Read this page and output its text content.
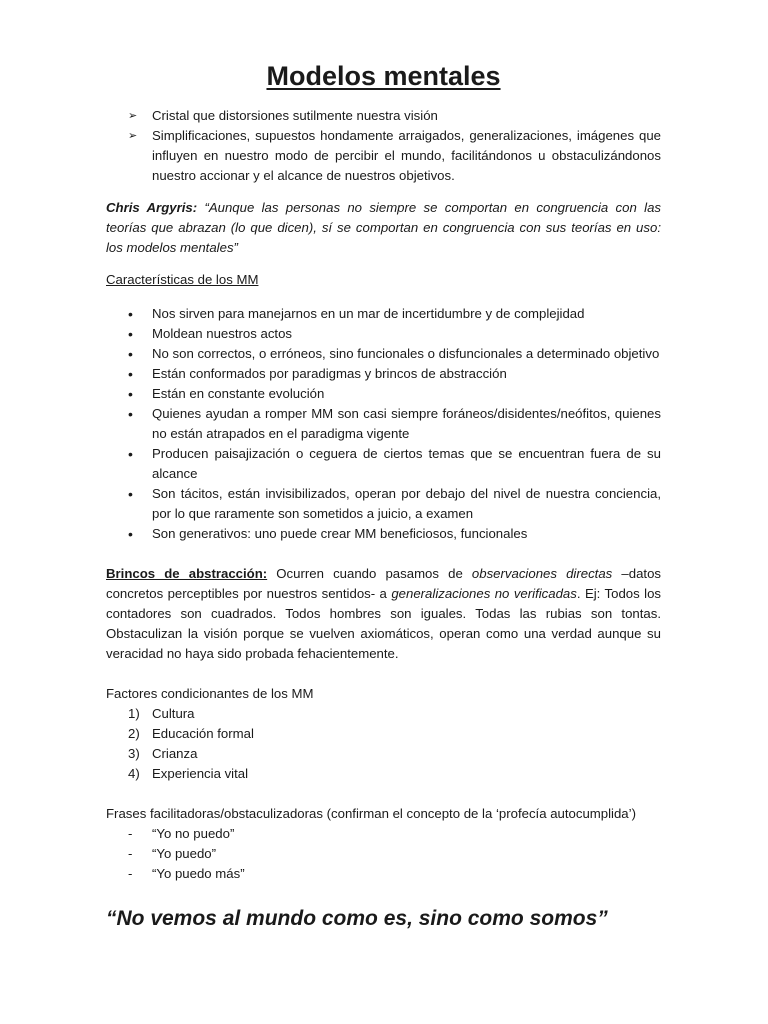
Modelos mentales
➢ Cristal que distorsiones sutilmente nuestra visión
➢ Simplificaciones, supuestos hondamente arraigados, generalizaciones, imágenes que influyen en nuestro modo de percibir el mundo, facilitándonos u obstaculizándonos nuestro accionar y el alcance de nuestros objetivos.

Chris Argyris: “Aunque las personas no siempre se comportan en congruencia con las teorías que abrazan (lo que dicen), sí se comportan en congruencia con sus teorías en uso: los modelos mentales”

Características de los MM

• Nos sirven para manejarnos en un mar de incertidumbre y de complejidad
• Moldean nuestros actos
• No son correctos, o erróneos, sino funcionales o disfuncionales a determinado objetivo
• Están conformados por paradigmas y brincos de abstracción
• Están en constante evolución
• Quienes ayudan a romper MM son casi siempre foráneos/disidentes/neófitos, quienes no están atrapados en el paradigma vigente
• Producen paisajización o ceguera de ciertos temas que se encuentran fuera de su alcance
• Son tácitos, están invisibilizados, operan por debajo del nivel de nuestra conciencia, por lo que raramente son sometidos a juicio, a examen
• Son generativos: uno puede crear MM beneficiosos, funcionales

Brincos de abstracción: Ocurren cuando pasamos de observaciones directas –datos concretos perceptibles por nuestros sentidos- a generalizaciones no verificadas. Ej: Todos los contadores son cuadrados. Todos hombres son iguales. Todas las rubias son tontas. Obstaculizan la visión porque se vuelven axiomáticos, operan como una verdad aunque su veracidad no haya sido probada fehacientemente.

Factores condicionantes de los MM

1) Cultura
2) Educación formal
3) Crianza
4) Experiencia vital

Frases facilitadoras/obstaculizadoras (confirman el concepto de la ‘profecía autocumplida’)

- “Yo no puedo”
- “Yo puedo”
- “Yo puedo más”

“No vemos al mundo como es, sino como somos”
